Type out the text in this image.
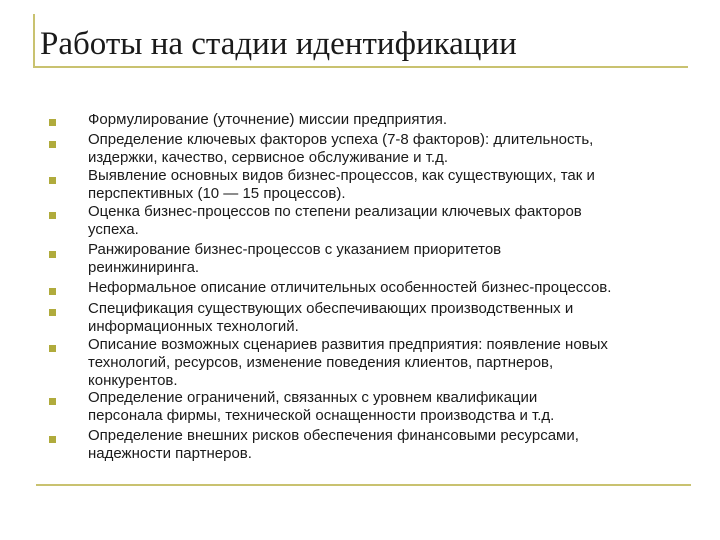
Работы на стадии идентификации
Формулирование (уточнение) миссии предприятия.
Определение ключевых факторов успеха (7-8 факторов): длительность,
издержки, качество, сервисное обслуживание и т.д.
Выявление основных видов бизнес-процессов, как существующих, так и
перспективных (10 — 15 процессов).
Оценка бизнес-процессов по степени реализации ключевых факторов
успеха.
Ранжирование бизнес-процессов с указанием приоритетов
реинжиниринга.
Неформальное описание отличительных особенностей бизнес-процессов.
Спецификация существующих обеспечивающих производственных и
информационных технологий.
Описание возможных сценариев развития предприятия: появление новых
технологий, ресурсов, изменение поведения клиентов, партнеров,
конкурентов.
Определение ограничений, связанных с уровнем квалификации
персонала фирмы, технической оснащенности производства и т.д.
Определение внешних рисков обеспечения финансовыми ресурсами,
надежности партнеров.
